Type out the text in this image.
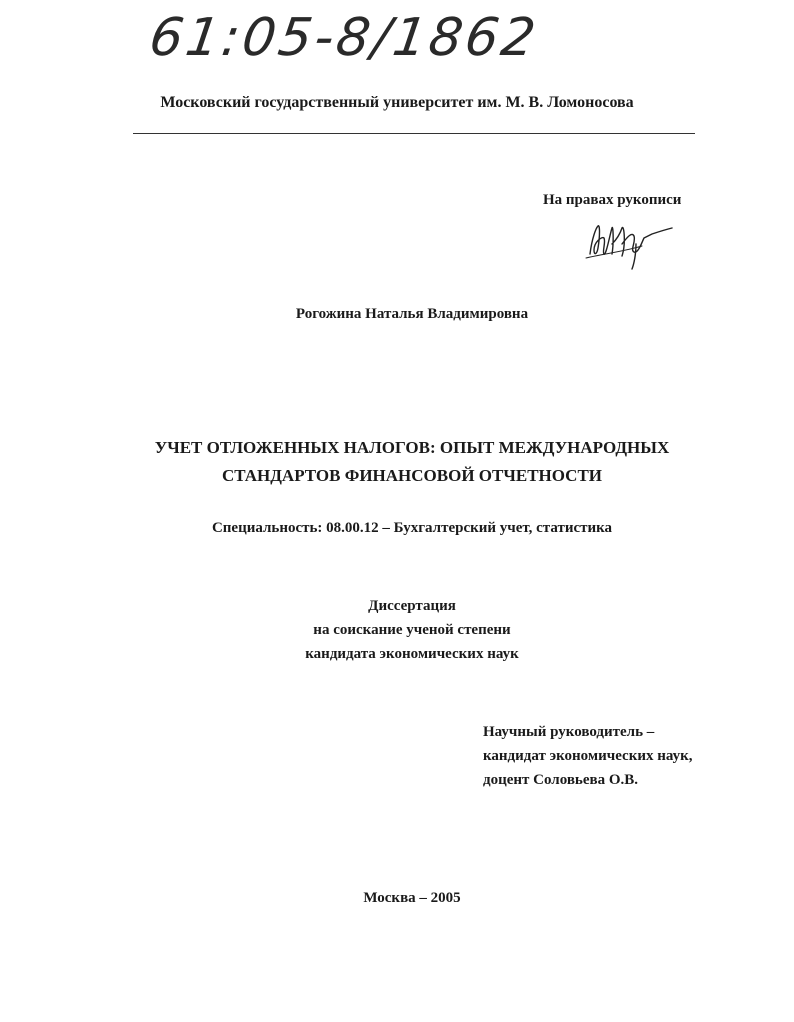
61:05-8/1862
Московский государственный университет им. М. В. Ломоносова
На правах рукописи
Рогожина Наталья Владимировна
УЧЕТ ОТЛОЖЕННЫХ НАЛОГОВ: ОПЫТ МЕЖДУНАРОДНЫХ
СТАНДАРТОВ ФИНАНСОВОЙ ОТЧЕТНОСТИ
Специальность: 08.00.12 – Бухгалтерский учет, статистика
Диссертация
на соискание ученой степени
кандидата экономических наук
Научный руководитель –
кандидат экономических наук,
доцент Соловьева О.В.
Москва – 2005
